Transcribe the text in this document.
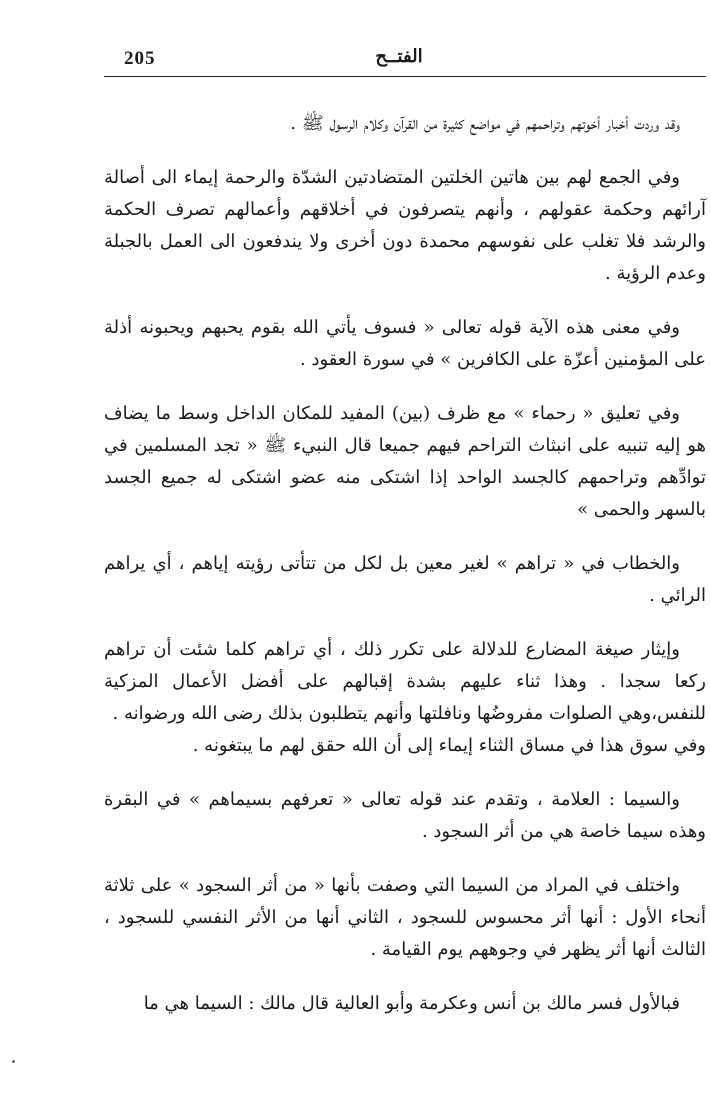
205	الفتــح

وقد وردت أخبار أخوتهم وتراحمهم في مواضع كثيرة من القرآن وكلام الرسول ﷺ .

وفي الجمع لهم بين هاتين الخلتين المتضادتين الشدّة والرحمة إيماء الى أصالة آرائهم وحكمة عقولهم ، وأنهم يتصرفون في أخلاقهم وأعمالهم تصرف الحكمة والرشد فلا تغلب على نفوسهم محمدة دون أخرى ولا يندفعون الى العمل بالجبلة وعدم الرؤية .

وفي معنى هذه الآية قوله تعالى « فسوف يأتي الله بقوم يحبهم ويحبونه أذلة على المؤمنين أعزّة على الكافرين » في سورة العقود .

وفي تعليق « رحماء » مع ظرف (بين) المفيد للمكان الداخل وسط ما يضاف هو إليه تنبيه على انبثاث التراحم فيهم جميعا قال النبيء ﷺ « تجد المسلمين في توادِّهم وتراحمهم كالجسد الواحد إذا اشتكى منه عضو اشتكى له جميع الجسد بالسهر والحمى »

والخطاب في « تراهم » لغير معين بل لكل من تتأتى رؤيته إياهم ، أي يراهم الرائي .

وإيثار صيغة المضارع للدلالة على تكرر ذلك ، أي تراهم كلما شئت أن تراهم ركعا سجدا . وهذا ثناء عليهم بشدة إقبالهم على أفضل الأعمال المزكية للنفس،وهي الصلوات مفروضُها ونافلتها وأنهم يتطلبون بذلك رضى الله ورضوانه .

وفي سوق هذا في مساق الثناء إيماء إلى أن الله حقق لهم ما يبتغونه .

والسيما : العلامة ، وتقدم عند قوله تعالى « تعرفهم بسيماهم » في البقرة وهذه سيما خاصة هي من أثر السجود .

واختلف في المراد من السيما التي وصفت بأنها « من أثر السجود » على ثلاثة أنحاء الأول : أنها أثر محسوس للسجود ، الثاني أنها من الأثر النفسي للسجود ، الثالث أنها أثر يظهر في وجوههم يوم القيامة .

فبالأول فسر مالك بن أنس وعكرمة وأبو العالية قال مالك : السيما هي ما
